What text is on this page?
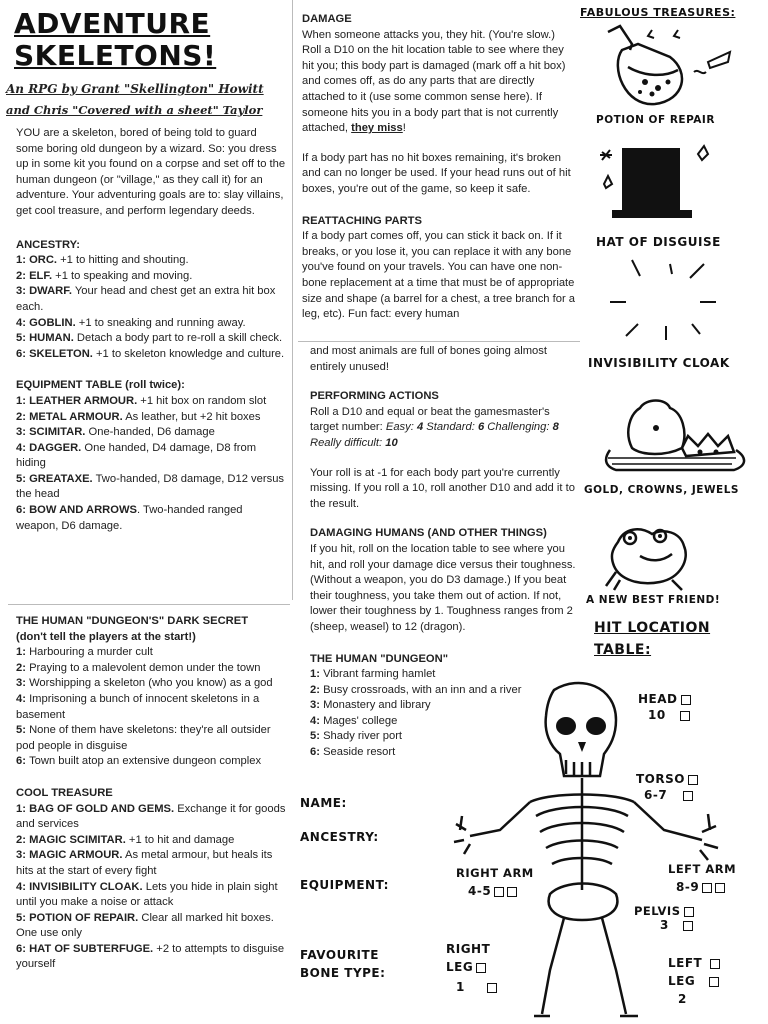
ADVENTURE
SKELETONS!
An RPG by Grant "Skellington" Howitt
and Chris "Covered with a sheet" Taylor

YOU are a skeleton, bored of being told to guard some boring old dungeon by a wizard. So: you dress up in some kit you found on a corpse and set off to the human dungeon (or "village," as they call it) for an adventure. Your adventuring goals are to: slay villains, get cool treasure, and perform legendary deeds.

ANCESTRY:

1: ORC. +1 to hitting and shouting.
2: ELF. +1 to speaking and moving.
3: DWARF. Your head and chest get an extra hit box each.
4: GOBLIN. +1 to sneaking and running away.
5: HUMAN. Detach a body part to re-roll a skill check.
6: SKELETON. +1 to skeleton knowledge and culture.

EQUIPMENT TABLE (roll twice):

1: LEATHER ARMOUR. +1 hit box on random slot
2: METAL ARMOUR. As leather, but +2 hit boxes
3: SCIMITAR. One-handed, D6 damage
4: DAGGER. One handed, D4 damage, D8 from hiding
5: GREATAXE. Two-handed, D8 damage, D12 versus the head
6: BOW AND ARROWS. Two-handed ranged weapon, D6 damage.

THE HUMAN "DUNGEON'S" DARK SECRET

(don't tell the players at the start!)

1: Harbouring a murder cult
2: Praying to a malevolent demon under the town
3: Worshipping a skeleton (who you know) as a god
4: Imprisoning a bunch of innocent skeletons in a basement
5: None of them have skeletons: they're all outsider pod people in disguise
6: Town built atop an extensive dungeon complex

COOL TREASURE

1: BAG OF GOLD AND GEMS. Exchange it for goods and services
2: MAGIC SCIMITAR. +1 to hit and damage
3: MAGIC ARMOUR. As metal armour, but heals its hits at the start of every fight
4: INVISIBILITY CLOAK. Lets you hide in plain sight until you make a noise or attack
5: POTION OF REPAIR. Clear all marked hit boxes. One use only
6: HAT OF SUBTERFUGE. +2 to attempts to disguise yourself

DAMAGE

When someone attacks you, they hit. (You're slow.) Roll a D10 on the hit location table to see where they hit you; this body part is damaged (mark off a hit box) and comes off, as do any parts that are directly attached to it (use some common sense here). If someone hits you in a body part that is not currently attached, they miss!

If a body part has no hit boxes remaining, it's broken and can no longer be used. If your head runs out of hit boxes, you're out of the game, so keep it safe.

REATTACHING PARTS

If a body part comes off, you can stick it back on. If it breaks, or you lose it, you can replace it with any bone you've found on your travels. You can have one non-bone replacement at a time that must be of appropriate size and shape (a barrel for a chest, a tree branch for a leg, etc). Fun fact: every human

and most animals are full of bones going almost entirely unused!

PERFORMING ACTIONS

Roll a D10 and equal or beat the gamesmaster's target number: Easy: 4 Standard: 6 Challenging: 8
Really difficult: 10

Your roll is at -1 for each body part you're currently missing. If you roll a 10, roll another D10 and add it to the result.

DAMAGING HUMANS (AND OTHER THINGS)

If you hit, roll on the location table to see where you hit, and roll your damage dice versus their toughness. (Without a weapon, you do D3 damage.) If you beat their toughness, you take them out of action. If not, lower their toughness by 1. Toughness ranges from 2 (sheep, weasel) to 12 (dragon).

THE HUMAN "DUNGEON"

1: Vibrant farming hamlet
2: Busy crossroads, with an inn and a river
3: Monastery and library
4: Mages' college
5: Shady river port
6: Seaside resort
NAME:
ANCESTRY:
EQUIPMENT:
FAVOURITE
BONE TYPE:
FABULOUS TREASURES:
POTION OF REPAIR
HAT OF DISGUISE
INVISIBILITY CLOAK
GOLD, CROWNS, JEWELS
A NEW BEST FRIEND!
HIT LOCATION
TABLE:
HEAD
10
TORSO
6-7
RIGHT ARM
4-5
LEFT ARM
8-9
PELVIS
3
RIGHT
LEG
1
LEFT
LEG
2
